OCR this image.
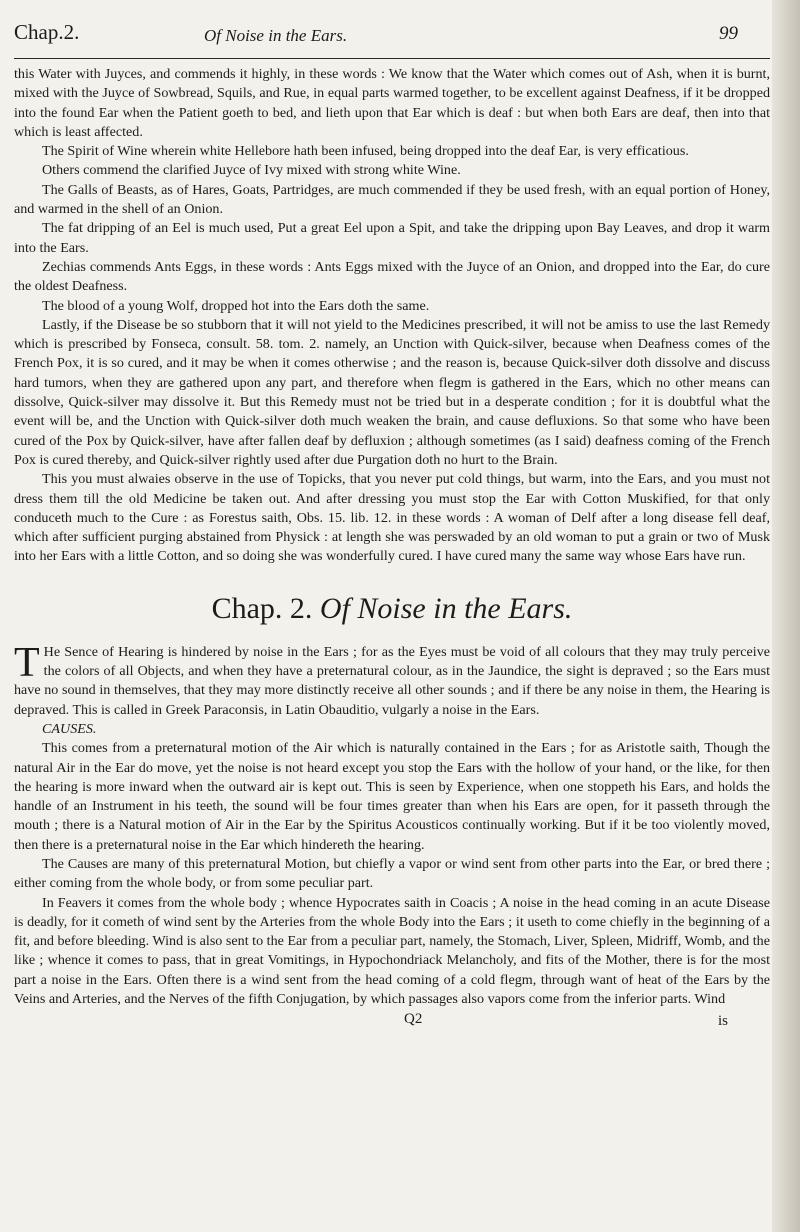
Chap.2.	Of Noise in the Ears.	99

this Water with Juyces, and commends it highly, in these words : We know that the Water which comes out of Ash, when it is burnt, mixed with the Juyce of Sowbread, Squils, and Rue, in equal parts warmed together, to be excellent against Deafness, if it be dropped into the found Ear when the Patient goeth to bed, and lieth upon that Ear which is deaf : but when both Ears are deaf, then into that which is least affected.

The Spirit of Wine wherein white Hellebore hath been infused, being dropped into the deaf Ear, is very efficatious.

Others commend the clarified Juyce of Ivy mixed with strong white Wine.

The Galls of Beasts, as of Hares, Goats, Partridges, are much commended if they be used fresh, with an equal portion of Honey, and warmed in the shell of an Onion.

The fat dripping of an Eel is much used, Put a great Eel upon a Spit, and take the dripping upon Bay Leaves, and drop it warm into the Ears.

Zechias commends Ants Eggs, in these words : Ants Eggs mixed with the Juyce of an Onion, and dropped into the Ear, do cure the oldest Deafness.

The blood of a young Wolf, dropped hot into the Ears doth the same.

Lastly, if the Disease be so stubborn that it will not yield to the Medicines prescribed, it will not be amiss to use the last Remedy which is prescribed by Fonseca, consult. 58. tom. 2. namely, an Unction with Quick-silver, because when Deafness comes of the French Pox, it is so cured, and it may be when it comes otherwise ; and the reason is, because Quick-silver doth dissolve and discuss hard tumors, when they are gathered upon any part, and therefore when flegm is gathered in the Ears, which no other means can dissolve, Quick-silver may dissolve it. But this Remedy must not be tried but in a desperate condition ; for it is doubtful what the event will be, and the Unction with Quick-silver doth much weaken the brain, and cause defluxions. So that some who have been cured of the Pox by Quick-silver, have after fallen deaf by defluxion ; although sometimes (as I said) deafness coming of the French Pox is cured thereby, and Quick-silver rightly used after due Purgation doth no hurt to the Brain.

This you must alwaies observe in the use of Topicks, that you never put cold things, but warm, into the Ears, and you must not dress them till the old Medicine be taken out. And after dressing you must stop the Ear with Cotton Muskified, for that only conduceth much to the Cure : as Forestus saith, Obs. 15. lib. 12. in these words : A woman of Delf after a long disease fell deaf, which after sufficient purging abstained from Physick : at length she was perswaded by an old woman to put a grain or two of Musk into her Ears with a little Cotton, and so doing she was wonderfully cured. I have cured many the same way whose Ears have run.

Chap. 2. Of Noise in the Ears.

T He Sence of Hearing is hindered by noise in the Ears ; for as the Eyes must be void of all colours that they may truly perceive the colors of all Objects, and when they have a preternatural colour, as in the Jaundice, the sight is depraved ; so the Ears must have no sound in themselves, that they may more distinctly receive all other sounds ; and if there be any noise in them, the Hearing is depraved. This is called in Greek Paraconsis, in Latin Obauditio, vulgarly a noise in the Ears.

CAUSES.

This comes from a preternatural motion of the Air which is naturally contained in the Ears ; for as Aristotle saith, Though the natural Air in the Ear do move, yet the noise is not heard except you stop the Ears with the hollow of your hand, or the like, for then the hearing is more inward when the outward air is kept out. This is seen by Experience, when one stoppeth his Ears, and holds the handle of an Instrument in his teeth, the sound will be four times greater than when his Ears are open, for it passeth through the mouth ; there is a Natural motion of Air in the Ear by the Spiritus Acousticos continually working. But if it be too violently moved, then there is a preternatural noise in the Ear which hindereth the hearing.

The Causes are many of this preternatural Motion, but chiefly a vapor or wind sent from other parts into the Ear, or bred there ; either coming from the whole body, or from some peculiar part.

In Feavers it comes from the whole body ; whence Hypocrates saith in Coacis ; A noise in the head coming in an acute Disease is deadly, for it cometh of wind sent by the Arteries from the whole Body into the Ears ; it useth to come chiefly in the beginning of a fit, and before bleeding. Wind is also sent to the Ear from a peculiar part, namely, the Stomach, Liver, Spleen, Midriff, Womb, and the like ; whence it comes to pass, that in great Vomitings, in Hypochondriack Melancholy, and fits of the Mother, there is for the most part a noise in the Ears. Often there is a wind sent from the head coming of a cold flegm, through want of heat of the Ears by the Veins and Arteries, and the Nerves of the fifth Conjugation, by which passages also vapors come from the inferior parts. Wind

Q2	is
